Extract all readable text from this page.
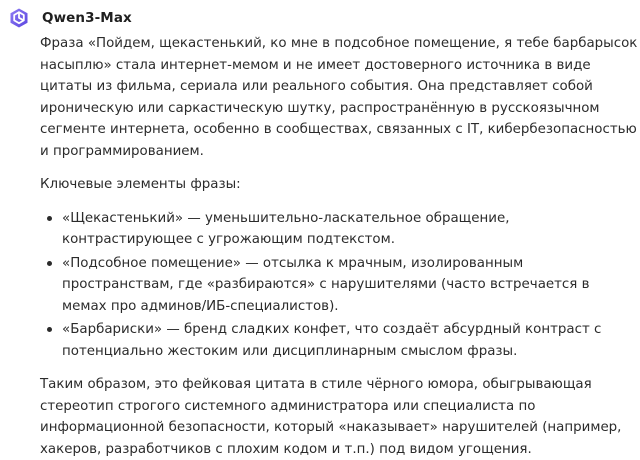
Qwen3-Max

Фраза «Пойдем, щекастенький, ко мне в подсобное помещение, я тебе барбарысок насыплю» стала интернет-мемом и не имеет достоверного источника в виде цитаты из фильма, сериала или реального события. Она представляет собой ироническую или саркастическую шутку, распространённую в русскоязычном сегменте интернета, особенно в сообществах, связанных с IT, кибербезопасностью и программированием.

Ключевые элементы фразы:

«Щекастенький» — уменьшительно-ласкательное обращение, контрастирующее с угрожающим подтекстом.
«Подсобное помещение» — отсылка к мрачным, изолированным пространствам, где «разбираются» с нарушителями (часто встречается в мемах про админов/ИБ-специалистов).
«Барбариски» — бренд сладких конфет, что создаёт абсурдный контраст с потенциально жестоким или дисциплинарным смыслом фразы.

Таким образом, это фейковая цитата в стиле чёрного юмора, обыгрывающая стереотип строгого системного администратора или специалиста по информационной безопасности, который «наказывает» нарушителей (например, хакеров, разработчиков с плохим кодом и т.п.) под видом угощения.
